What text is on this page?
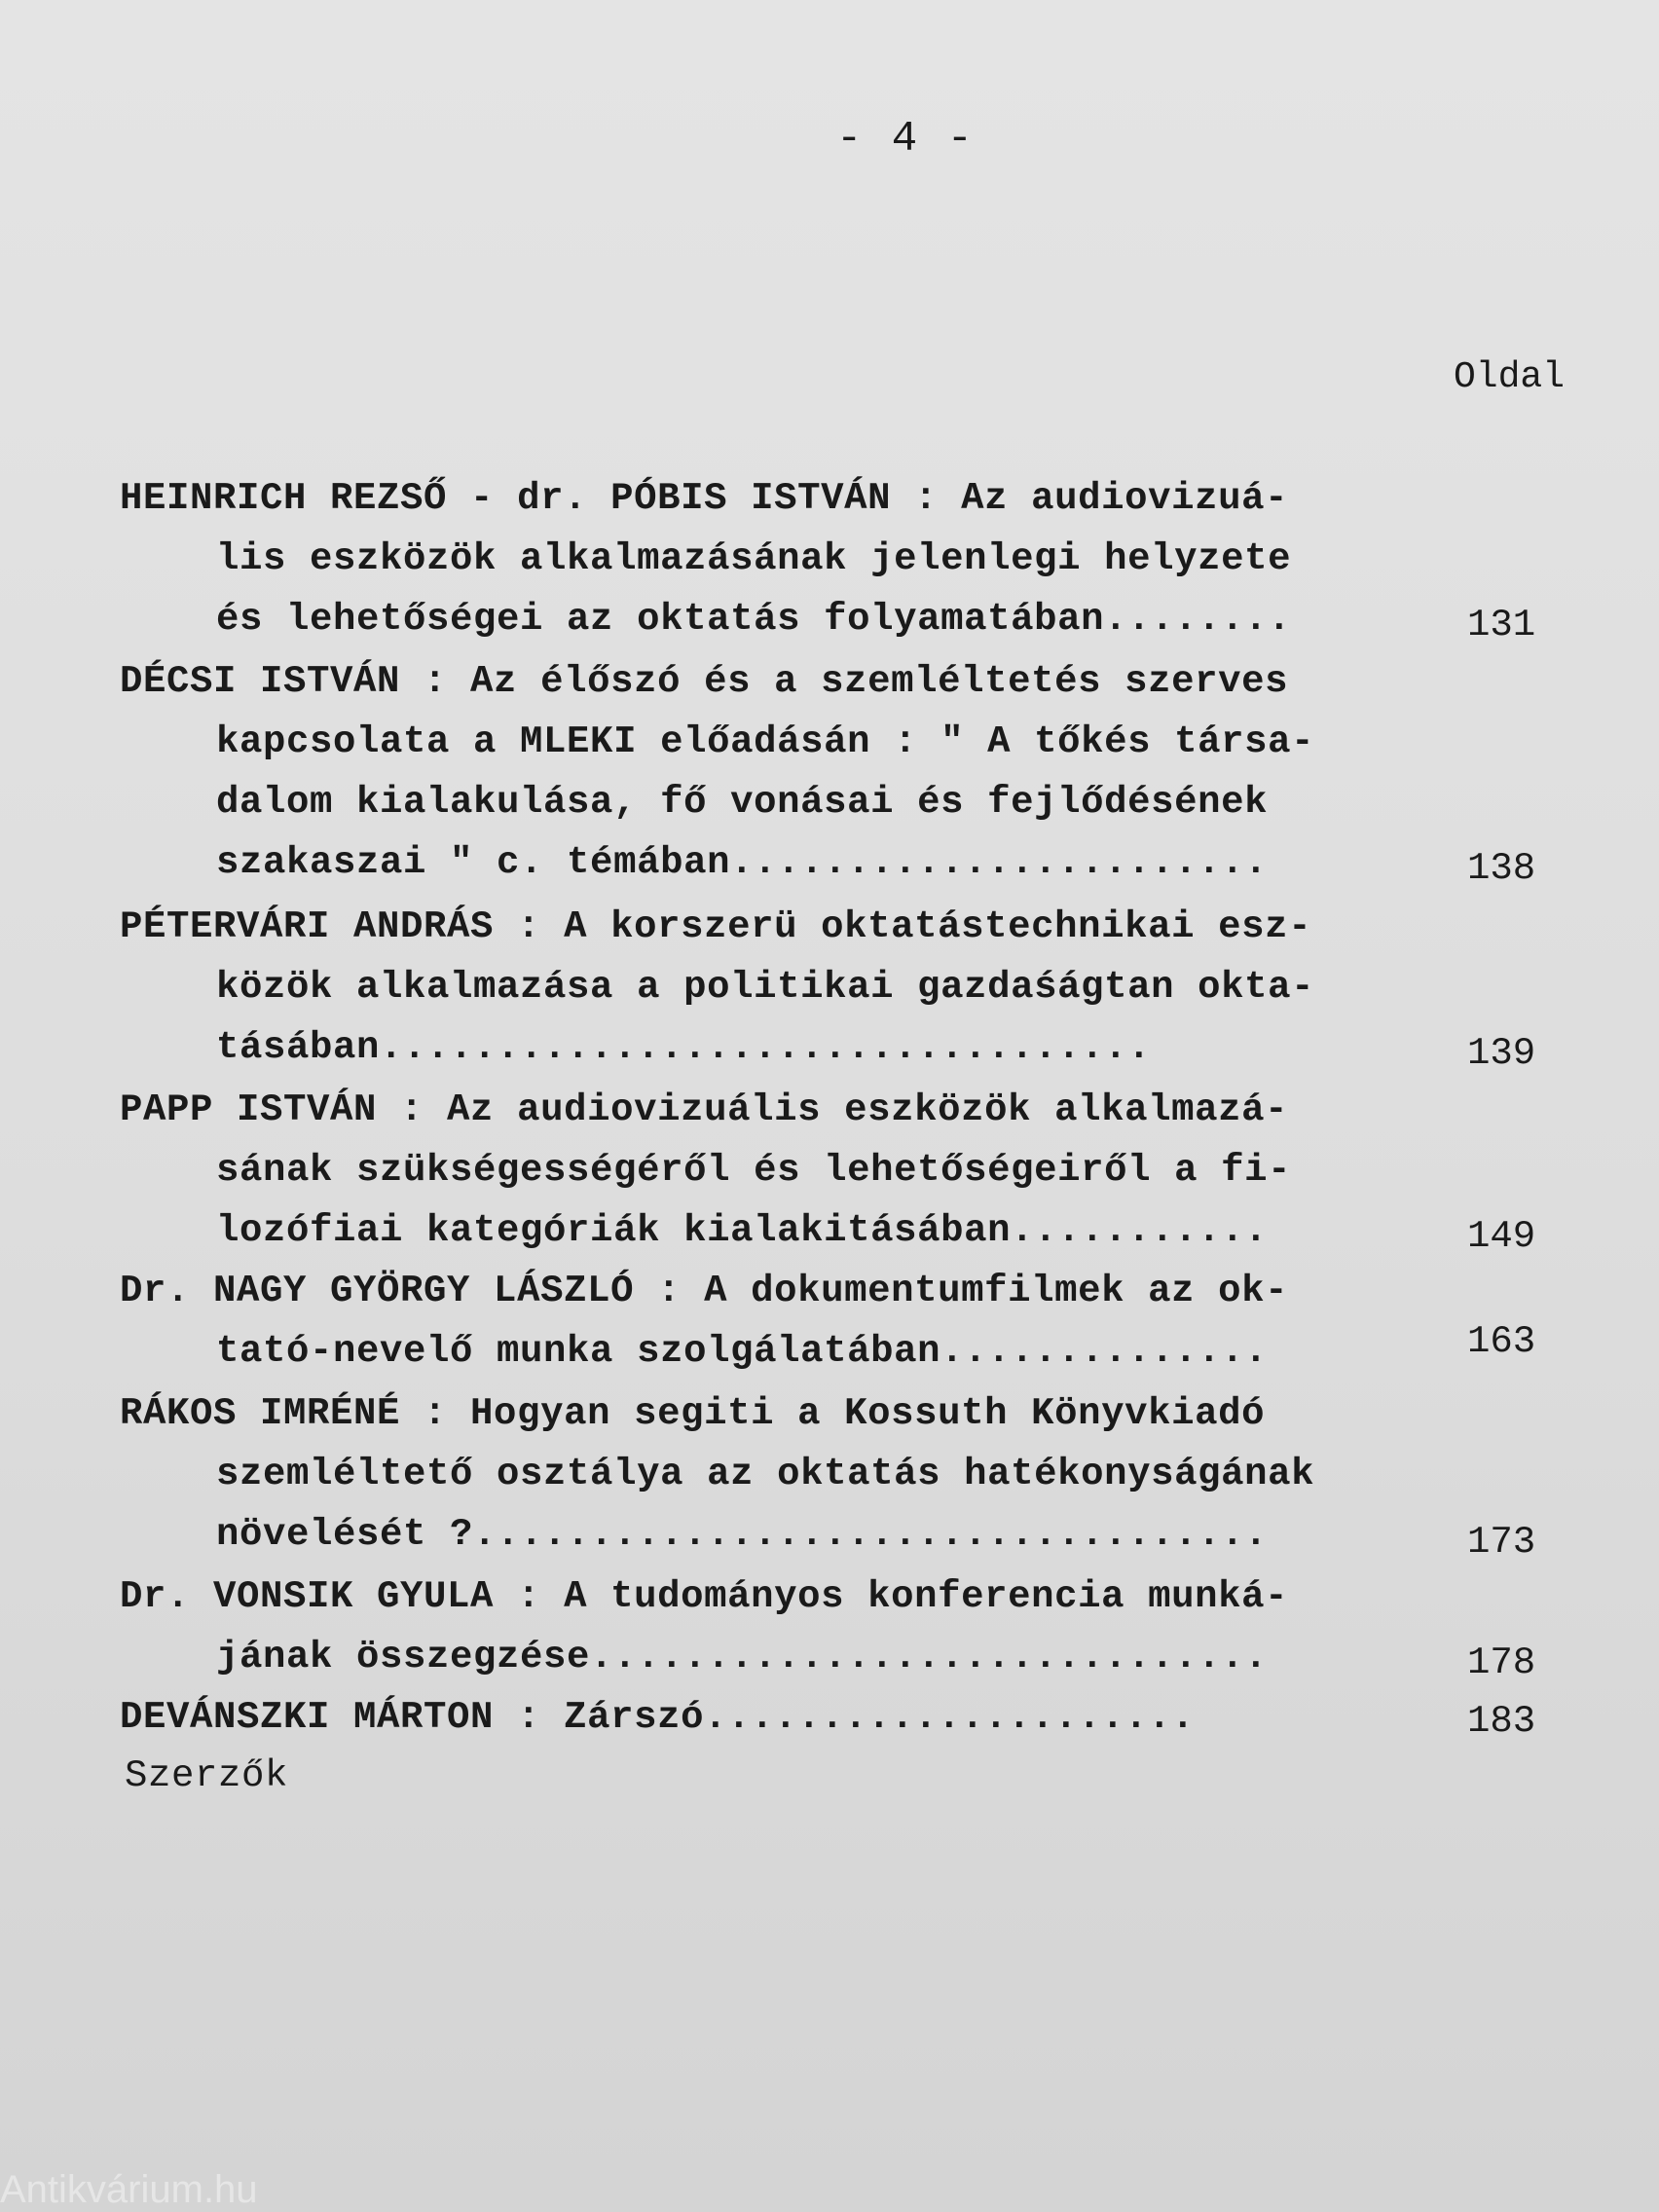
- 4 -
Oldal
HEINRICH REZSŐ - dr. PÓBIS ISTVÁN : Az audiovizuá-
lis eszközök alkalmazásának jelenlegi helyzete
és lehetőségei az oktatás folyamatában........	131
DÉCSI ISTVÁN : Az élőszó és a szemléltetés szerves
kapcsolata a MLEKI előadásán : " A tőkés társa-
dalom kialakulása, fő vonásai és fejlődésének
szakaszai " c. témában.......................	138
PÉTERVÁRI ANDRÁS : A korszerü oktatástechnikai esz-
közök alkalmazása a politikai gazdaśágtan okta-
tásában.................................	139
PAPP ISTVÁN : Az audiovizuális eszközök alkalmazá-
sának szükségességéről és lehetőségeiről a fi-
lozófiai kategóriák kialakitásában...........	149
Dr. NAGY GYÖRGY LÁSZLÓ : A dokumentumfilmek az ok-
tató-nevelő munka szolgálatában..............	163
RÁKOS IMRÉNÉ : Hogyan segiti a Kossuth Könyvkiadó
szemléltető osztálya az oktatás hatékonyságának
növelését ?..................................	173
Dr. VONSIK GYULA : A tudományos konferencia munká-
jának összegzése.............................	178
DEVÁNSZKI MÁRTON : Zárszó.....................	183
Szerzők
Antikvárium.hu
